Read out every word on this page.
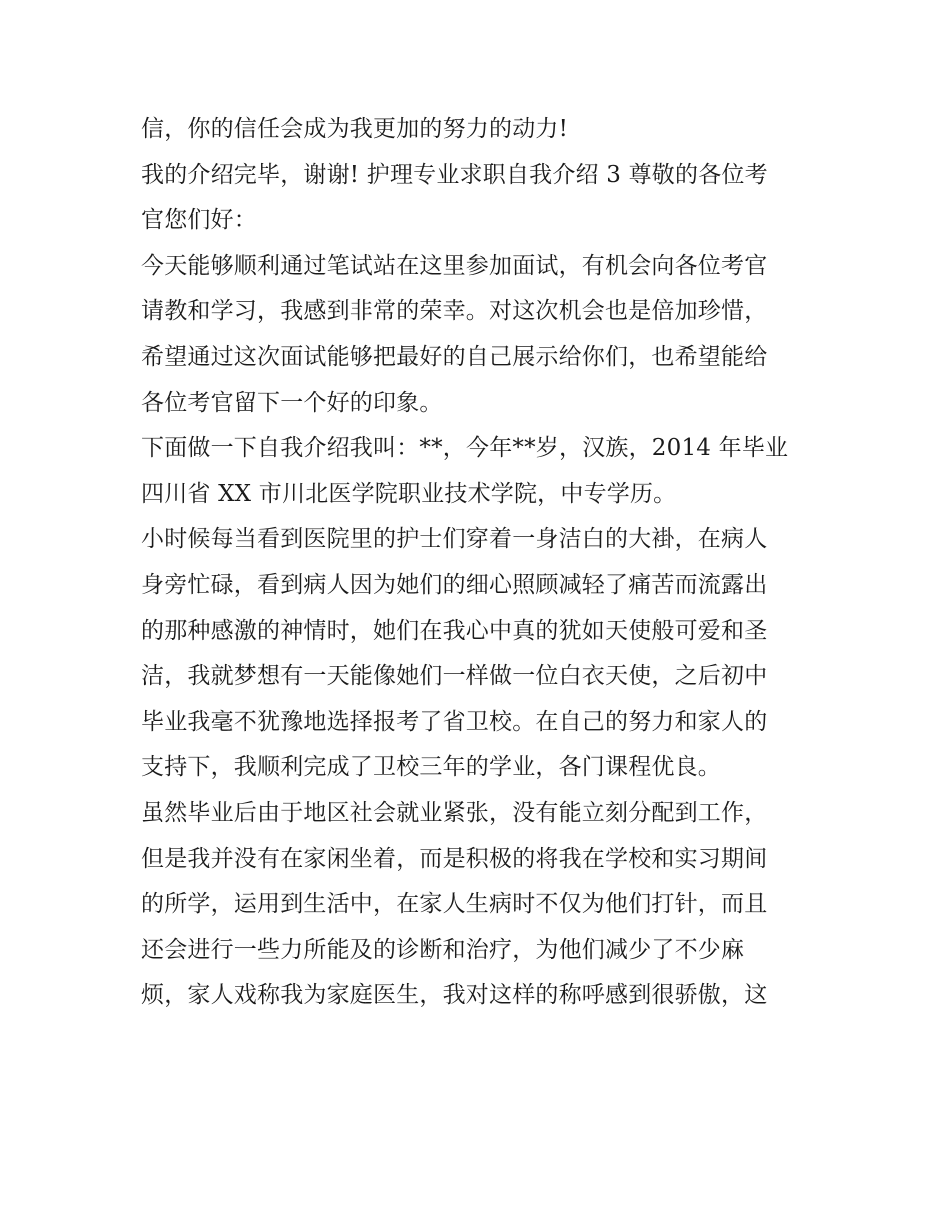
信，你的信任会成为我更加的努力的动力!
我的介绍完毕，谢谢! 护理专业求职自我介绍 3 尊敬的各位考
官您们好：
今天能够顺利通过笔试站在这里参加面试，有机会向各位考官
请教和学习，我感到非常的荣幸。对这次机会也是倍加珍惜，
希望通过这次面试能够把最好的自己展示给你们，也希望能给
各位考官留下一个好的印象。
下面做一下自我介绍我叫：**，今年**岁，汉族，2014 年毕业
四川省 XX 市川北医学院职业技术学院，中专学历。
小时候每当看到医院里的护士们穿着一身洁白的大褂，在病人
身旁忙碌，看到病人因为她们的细心照顾减轻了痛苦而流露出
的那种感激的神情时，她们在我心中真的犹如天使般可爱和圣
洁，我就梦想有一天能像她们一样做一位白衣天使，之后初中
毕业我毫不犹豫地选择报考了省卫校。在自己的努力和家人的
支持下，我顺利完成了卫校三年的学业，各门课程优良。
虽然毕业后由于地区社会就业紧张，没有能立刻分配到工作，
但是我并没有在家闲坐着，而是积极的将我在学校和实习期间
的所学，运用到生活中，在家人生病时不仅为他们打针，而且
还会进行一些力所能及的诊断和治疗，为他们减少了不少麻
烦，家人戏称我为家庭医生，我对这样的称呼感到很骄傲，这
